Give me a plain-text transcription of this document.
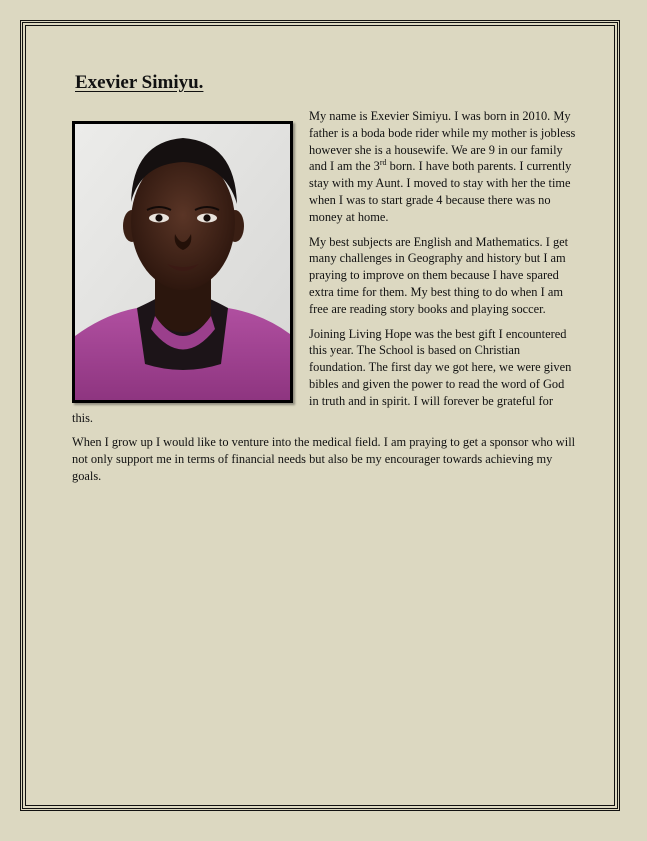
Exevier Simiyu.

My name is Exevier Simiyu. I was born in 2010. My father is a boda bode rider while my mother is jobless however she is a housewife. We are 9 in our family and I am the 3rd born. I have both parents. I currently stay with my Aunt. I moved to stay with her the time when I was to start grade 4 because there was no money at home.

My best subjects are English and Mathematics. I get many challenges in Geography and history but I am praying to improve on them because I have spared extra time for them. My best thing to do when I am free are reading story books and playing soccer.

Joining Living Hope was the best gift I encountered this year. The School is based on Christian foundation. The first day we got here, we were given bibles and given the power to read the word of God in truth and in spirit. I will forever be grateful for this.

When I grow up I would like to venture into the medical field. I am praying to get a sponsor who will not only support me in terms of financial needs but also be my encourager towards achieving my goals.
